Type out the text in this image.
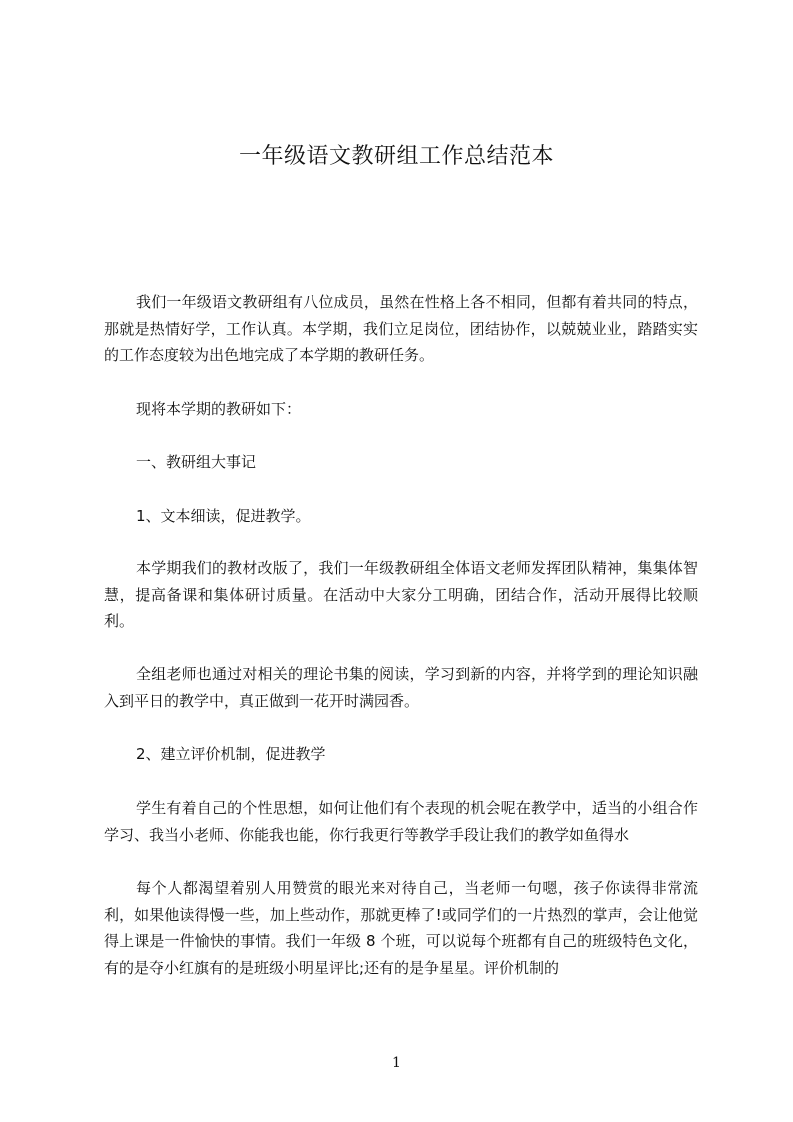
一年级语文教研组工作总结范本

我们一年级语文教研组有八位成员，虽然在性格上各不相同，但都有着共同的特点，那就是热情好学，工作认真。本学期，我们立足岗位，团结协作，以兢兢业业，踏踏实实的工作态度较为出色地完成了本学期的教研任务。

现将本学期的教研如下：

一、教研组大事记

1、文本细读，促进教学。

本学期我们的教材改版了，我们一年级教研组全体语文老师发挥团队精神，集集体智慧，提高备课和集体研讨质量。在活动中大家分工明确，团结合作，活动开展得比较顺利。

全组老师也通过对相关的理论书集的阅读，学习到新的内容，并将学到的理论知识融入到平日的教学中，真正做到一花开时满园香。

2、建立评价机制，促进教学

学生有着自己的个性思想，如何让他们有个表现的机会呢在教学中，适当的小组合作学习、我当小老师、你能我也能，你行我更行等教学手段让我们的教学如鱼得水

每个人都渴望着别人用赞赏的眼光来对待自己，当老师一句嗯，孩子你读得非常流利，如果他读得慢一些，加上些动作，那就更棒了!或同学们的一片热烈的掌声，会让他觉得上课是一件愉快的事情。我们一年级 8 个班，可以说每个班都有自己的班级特色文化，有的是夺小红旗有的是班级小明星评比;还有的是争星星。评价机制的

1
